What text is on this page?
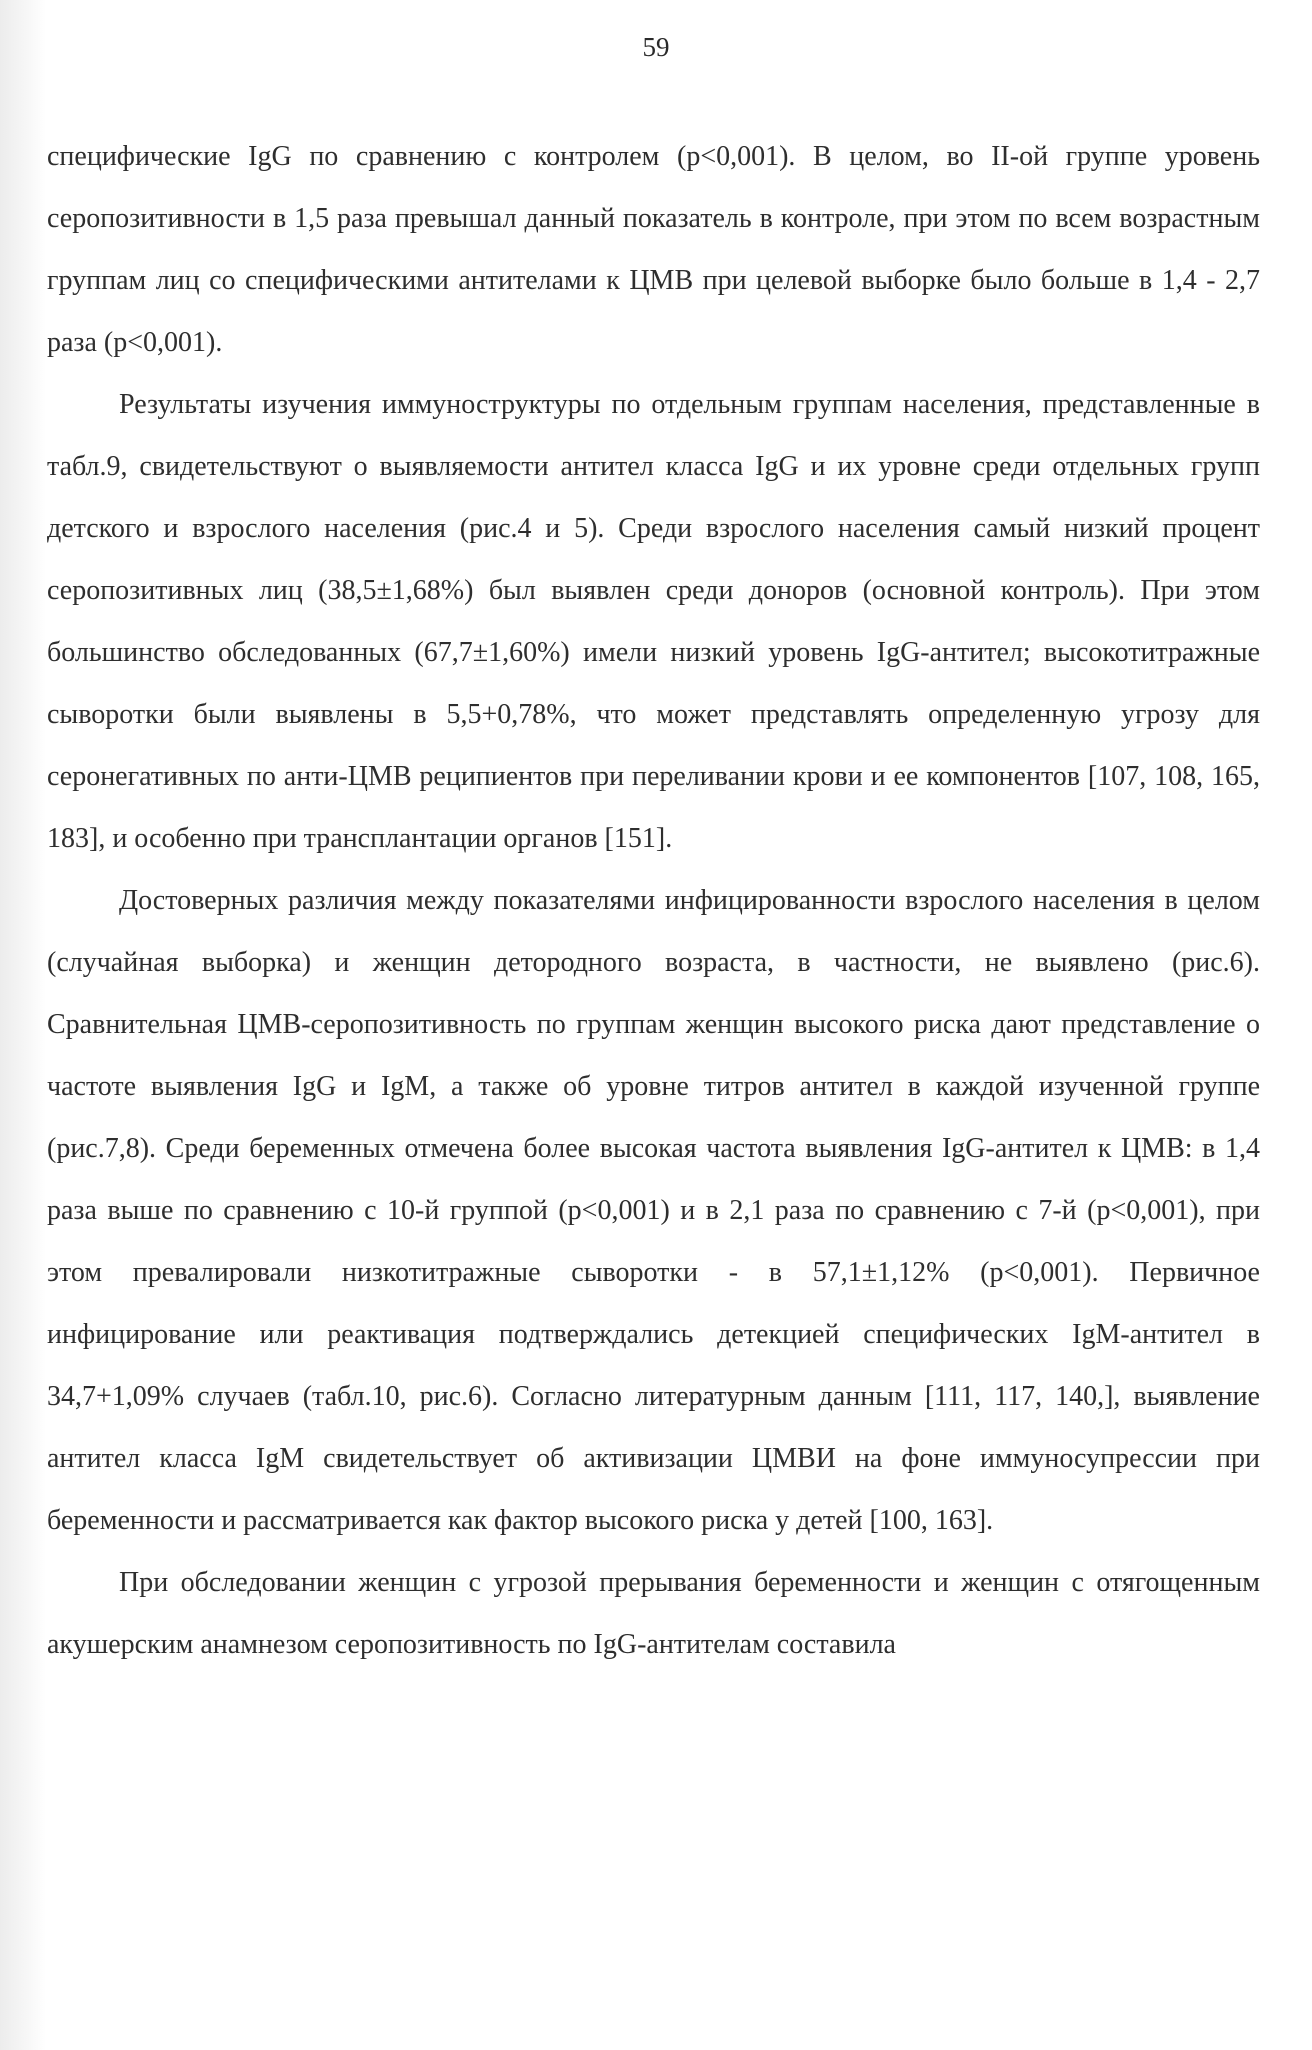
59

специфические IgG по сравнению с контролем (p<0,001). В целом, во II-ой группе уровень серопозитивности в 1,5 раза превышал данный показатель в контроле, при этом по всем возрастным группам лиц со специфическими антителами к ЦМВ при целевой выборке было больше в 1,4 - 2,7 раза (p<0,001).

Результаты изучения иммуноструктуры по отдельным группам населения, представленные в табл.9, свидетельствуют о выявляемости антител класса IgG и их уровне среди отдельных групп детского и взрослого населения (рис.4 и 5). Среди взрослого населения самый низкий процент серопозитивных лиц (38,5±1,68%) был выявлен среди доноров (основной контроль). При этом большинство обследованных (67,7±1,60%) имели низкий уровень IgG-антител; высокотитражные сыворотки были выявлены в 5,5+0,78%, что может представлять определенную угрозу для серонегативных по анти-ЦМВ реципиентов при переливании крови и ее компонентов [107, 108, 165, 183], и особенно при трансплантации органов [151].

Достоверных различия между показателями инфицированности взрослого населения в целом (случайная выборка) и женщин детородного возраста, в частности, не выявлено (рис.6). Сравнительная ЦМВ-серопозитивность по группам женщин высокого риска дают представление о частоте выявления IgG и IgM, а также об уровне титров антител в каждой изученной группе (рис.7,8). Среди беременных отмечена более высокая частота выявления IgG-антител к ЦМВ: в 1,4 раза выше по сравнению с 10-й группой (p<0,001) и в 2,1 раза по сравнению с 7-й (p<0,001), при этом превалировали низкотитражные сыворотки - в 57,1±1,12% (p<0,001). Первичное инфицирование или реактивация подтверждались детекцией специфических IgM-антител в 34,7+1,09% случаев (табл.10, рис.6). Согласно литературным данным [111, 117, 140,], выявление антител класса IgM свидетельствует об активизации ЦМВИ на фоне иммуносупрессии при беременности и рассматривается как фактор высокого риска у детей [100, 163].

При обследовании женщин с угрозой прерывания беременности и женщин с отягощенным акушерским анамнезом серопозитивность по IgG-антителам составила
